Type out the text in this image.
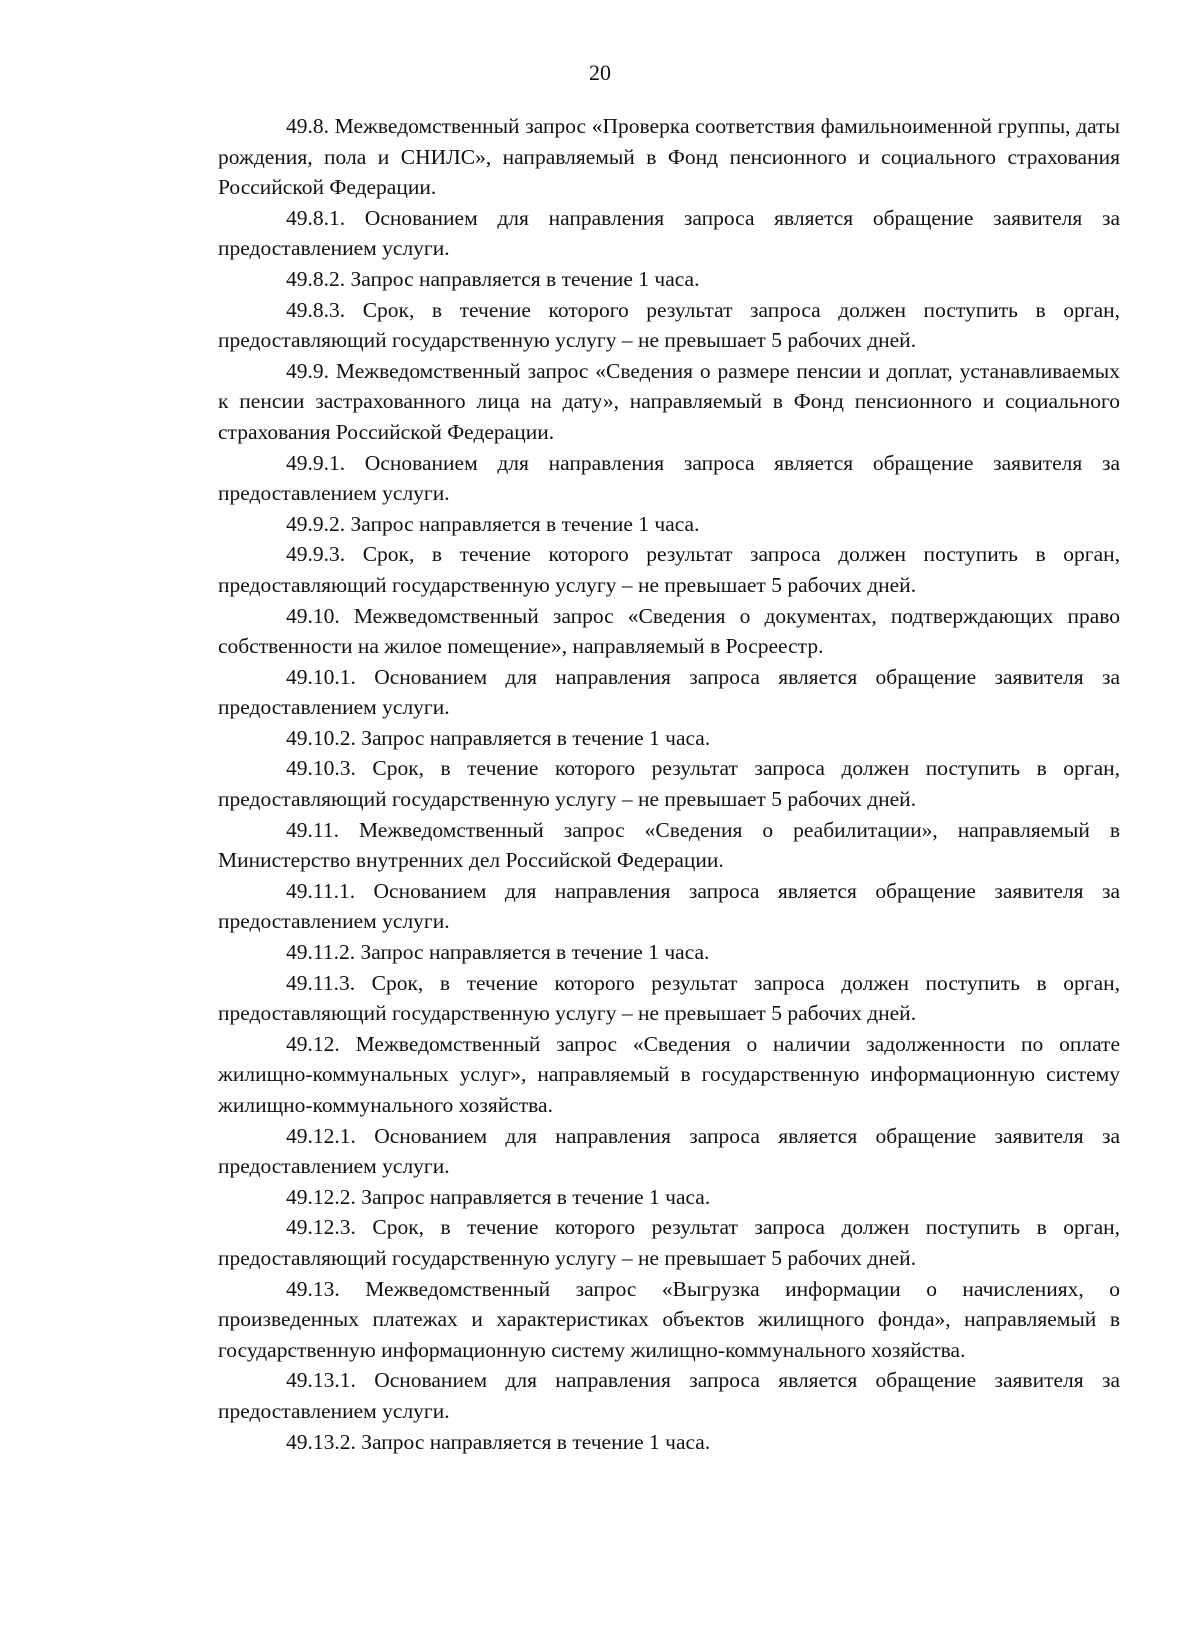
20

49.8. Межведомственный запрос «Проверка соответствия фамильноименной группы, даты рождения, пола и СНИЛС», направляемый в Фонд пенсионного и социального страхования Российской Федерации.

49.8.1. Основанием для направления запроса является обращение заявителя за предоставлением услуги.

49.8.2. Запрос направляется в течение 1 часа.

49.8.3. Срок, в течение которого результат запроса должен поступить в орган, предоставляющий государственную услугу – не превышает 5 рабочих дней.

49.9. Межведомственный запрос «Сведения о размере пенсии и доплат, устанавливаемых к пенсии застрахованного лица на дату», направляемый в Фонд пенсионного и социального страхования Российской Федерации.

49.9.1. Основанием для направления запроса является обращение заявителя за предоставлением услуги.

49.9.2. Запрос направляется в течение 1 часа.

49.9.3. Срок, в течение которого результат запроса должен поступить в орган, предоставляющий государственную услугу – не превышает 5 рабочих дней.

49.10. Межведомственный запрос «Сведения о документах, подтверждающих право собственности на жилое помещение», направляемый в Росреестр.

49.10.1. Основанием для направления запроса является обращение заявителя за предоставлением услуги.

49.10.2. Запрос направляется в течение 1 часа.

49.10.3. Срок, в течение которого результат запроса должен поступить в орган, предоставляющий государственную услугу – не превышает 5 рабочих дней.

49.11. Межведомственный запрос «Сведения о реабилитации», направляемый в Министерство внутренних дел Российской Федерации.

49.11.1. Основанием для направления запроса является обращение заявителя за предоставлением услуги.

49.11.2. Запрос направляется в течение 1 часа.

49.11.3. Срок, в течение которого результат запроса должен поступить в орган, предоставляющий государственную услугу – не превышает 5 рабочих дней.

49.12. Межведомственный запрос «Сведения о наличии задолженности по оплате жилищно-коммунальных услуг», направляемый в государственную информационную систему жилищно-коммунального хозяйства.

49.12.1. Основанием для направления запроса является обращение заявителя за предоставлением услуги.

49.12.2. Запрос направляется в течение 1 часа.

49.12.3. Срок, в течение которого результат запроса должен поступить в орган, предоставляющий государственную услугу – не превышает 5 рабочих дней.

49.13. Межведомственный запрос «Выгрузка информации о начислениях, о произведенных платежах и характеристиках объектов жилищного фонда», направляемый в государственную информационную систему жилищно-коммунального хозяйства.

49.13.1. Основанием для направления запроса является обращение заявителя за предоставлением услуги.

49.13.2. Запрос направляется в течение 1 часа.
